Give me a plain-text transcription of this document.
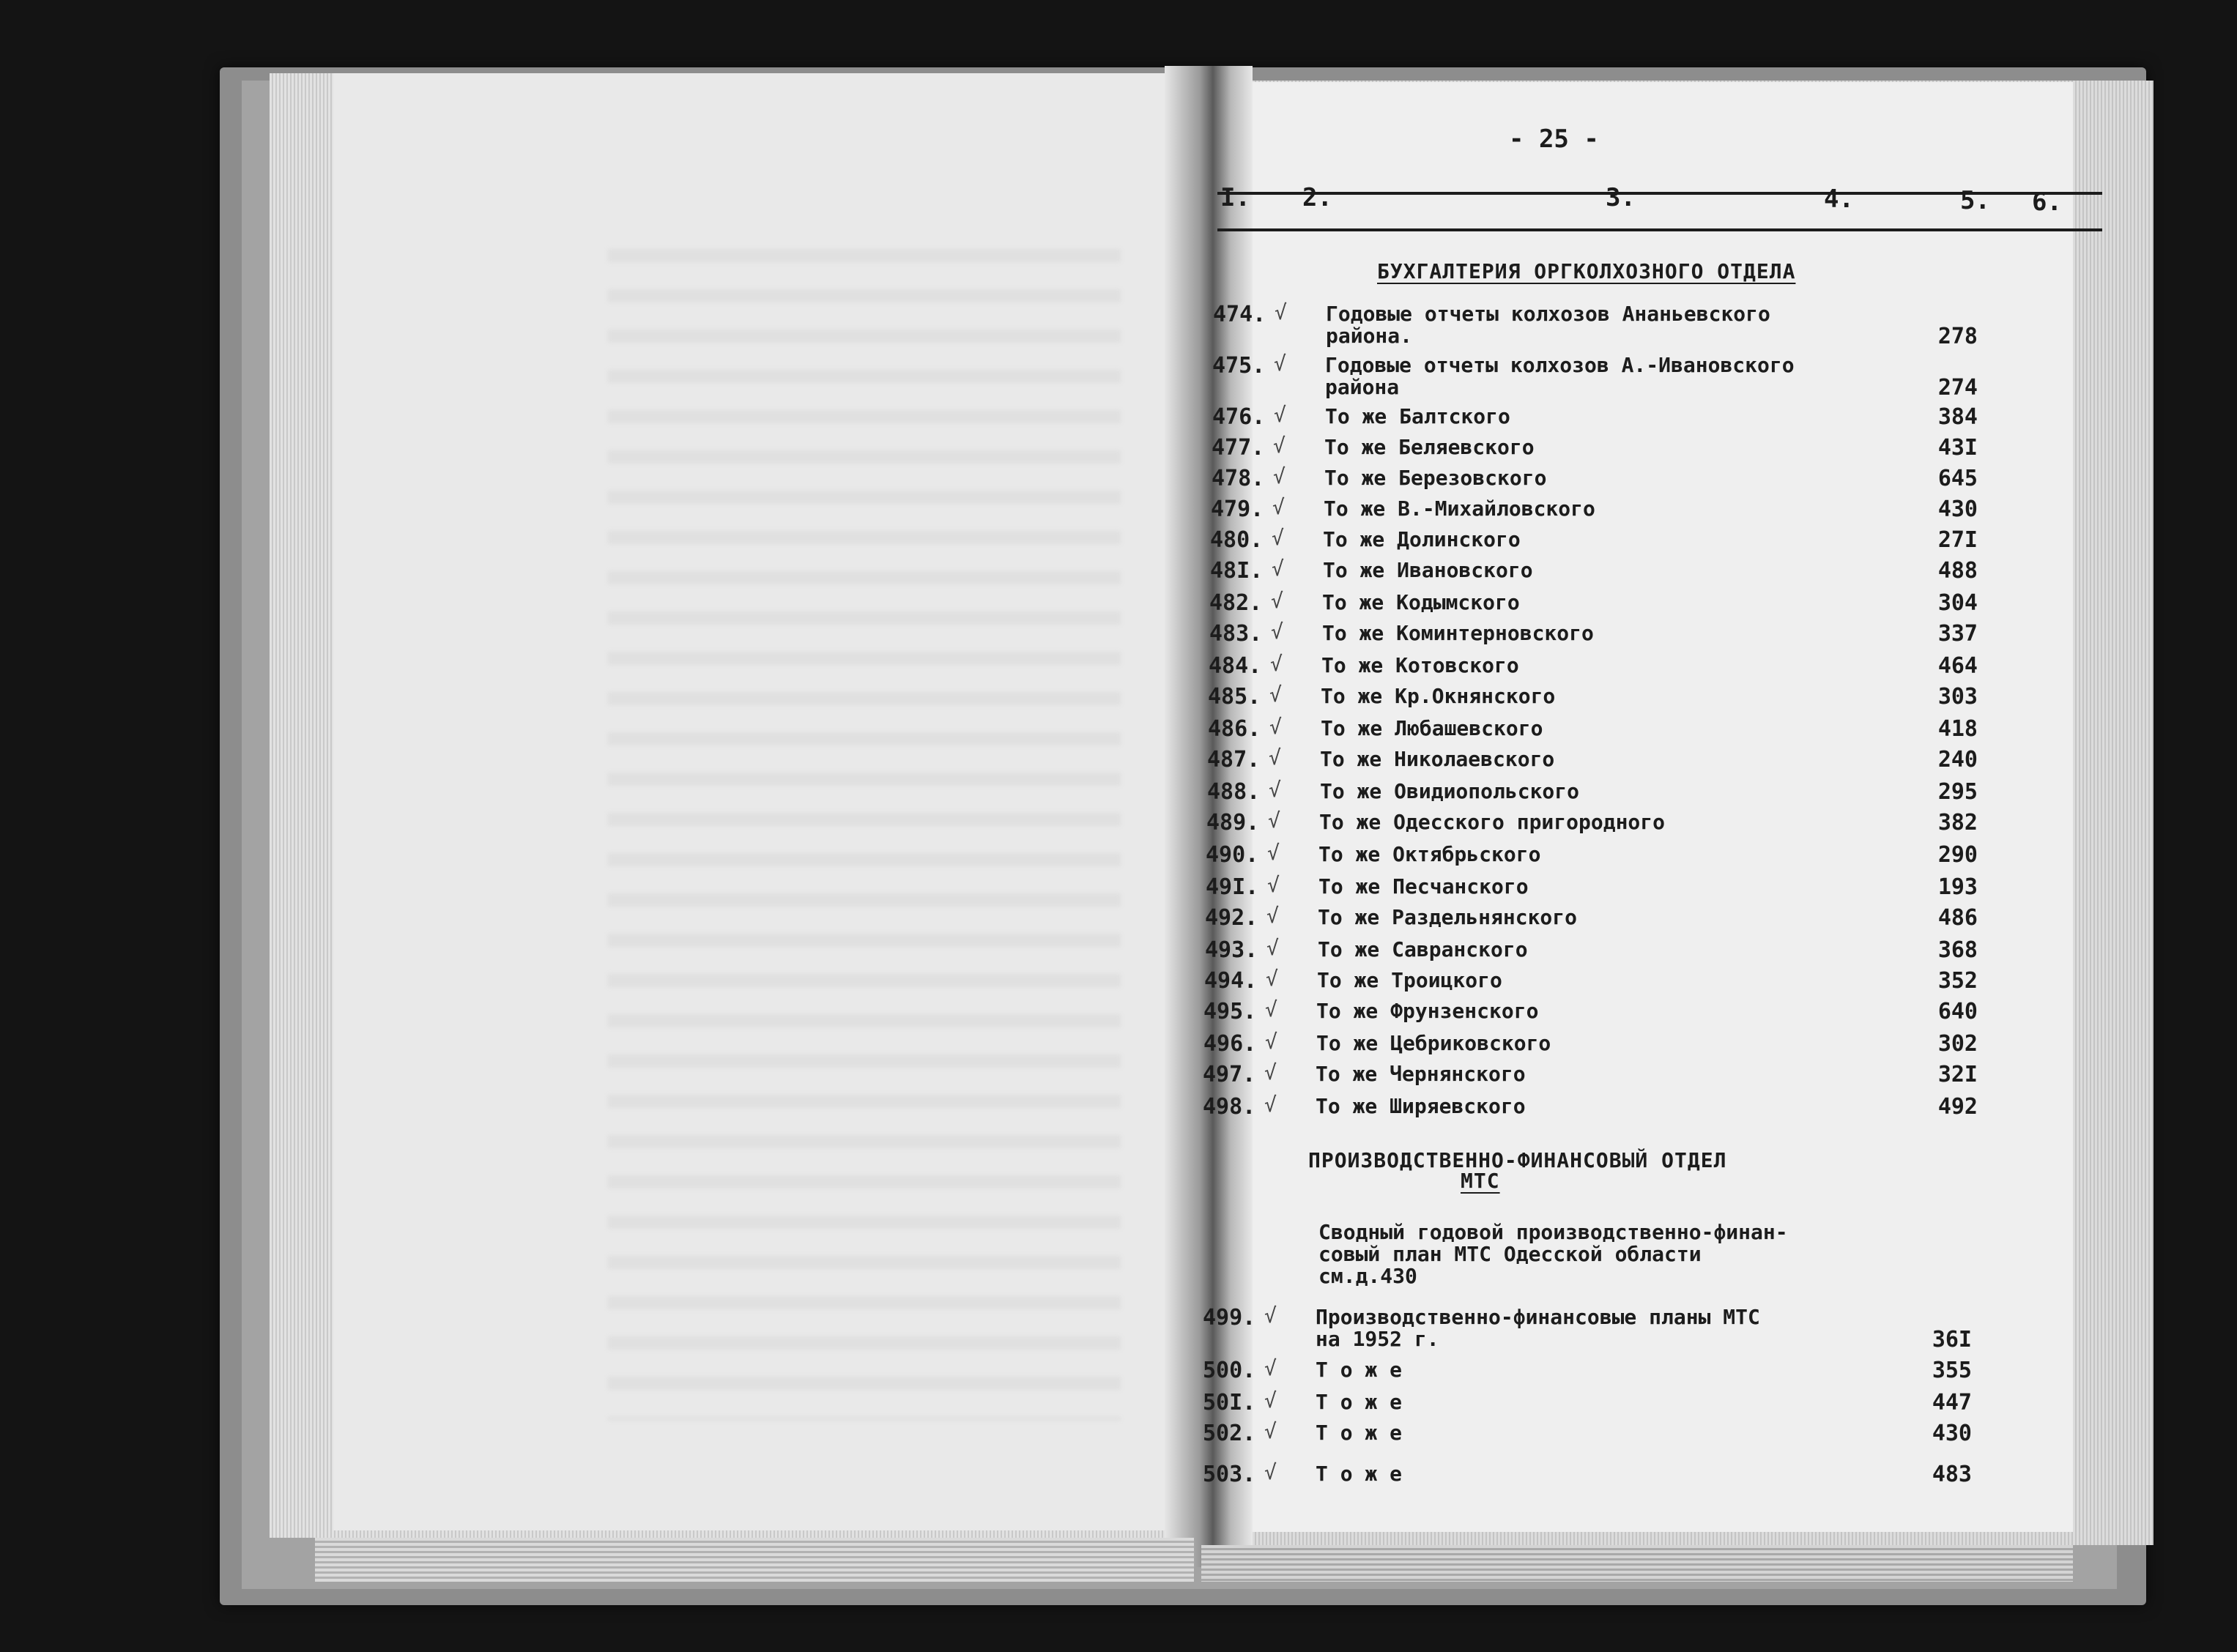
- 25 -
I. 2.	3.	4.	5. 6.
БУХГАЛТЕРИЯ ОРГКОЛХОЗНОГО ОТДЕЛА
474. √ Годовые отчеты колхозов Ананьевского
района.	278
475. √ Годовые отчеты колхозов А.-Ивановского
района	274
476. √ То же Балтского	384
477. √ То же Беляевского	43I
478. √ То же Березовского	645
479. √ То же В.-Михайловского	430
480. √ То же Долинского	27I
48I. √ То же Ивановского	488
482. √ То же Кодымского	304
483. √ То же Коминтерновского	337
484. √ То же Котовского	464
485. √ То же Кр.Окнянского	303
486. √ То же Любашевского	418
487. √ То же Николаевского	240
488. √ То же Овидиопольского	295
489. √ То же Одесского пригородного	382
490. √ То же Октябрьского	290
49I. √ То же Песчанского	193
492. √ То же Раздельнянского	486
493. √ То же Савранского	368
494. √ То же Троицкого	352
495. √ То же Фрунзенского	640
496. √ То же Цебриковского	302
497. √ То же Чернянского	32I
498. √ То же Ширяевского	492
ПРОИЗВОДСТВЕННО-ФИНАНСОВЫЙ ОТДЕЛ
МТС
Сводный годовой производственно-финан-
совый план МТС Одесской области
см.д.430
499. √ Производственно-финансовые планы МТС
на 1952 г.	36I
500. √ Т о ж е	355
50I. √ Т о ж е	447
502. √ Т о ж е	430
503. √ Т о ж е	483
